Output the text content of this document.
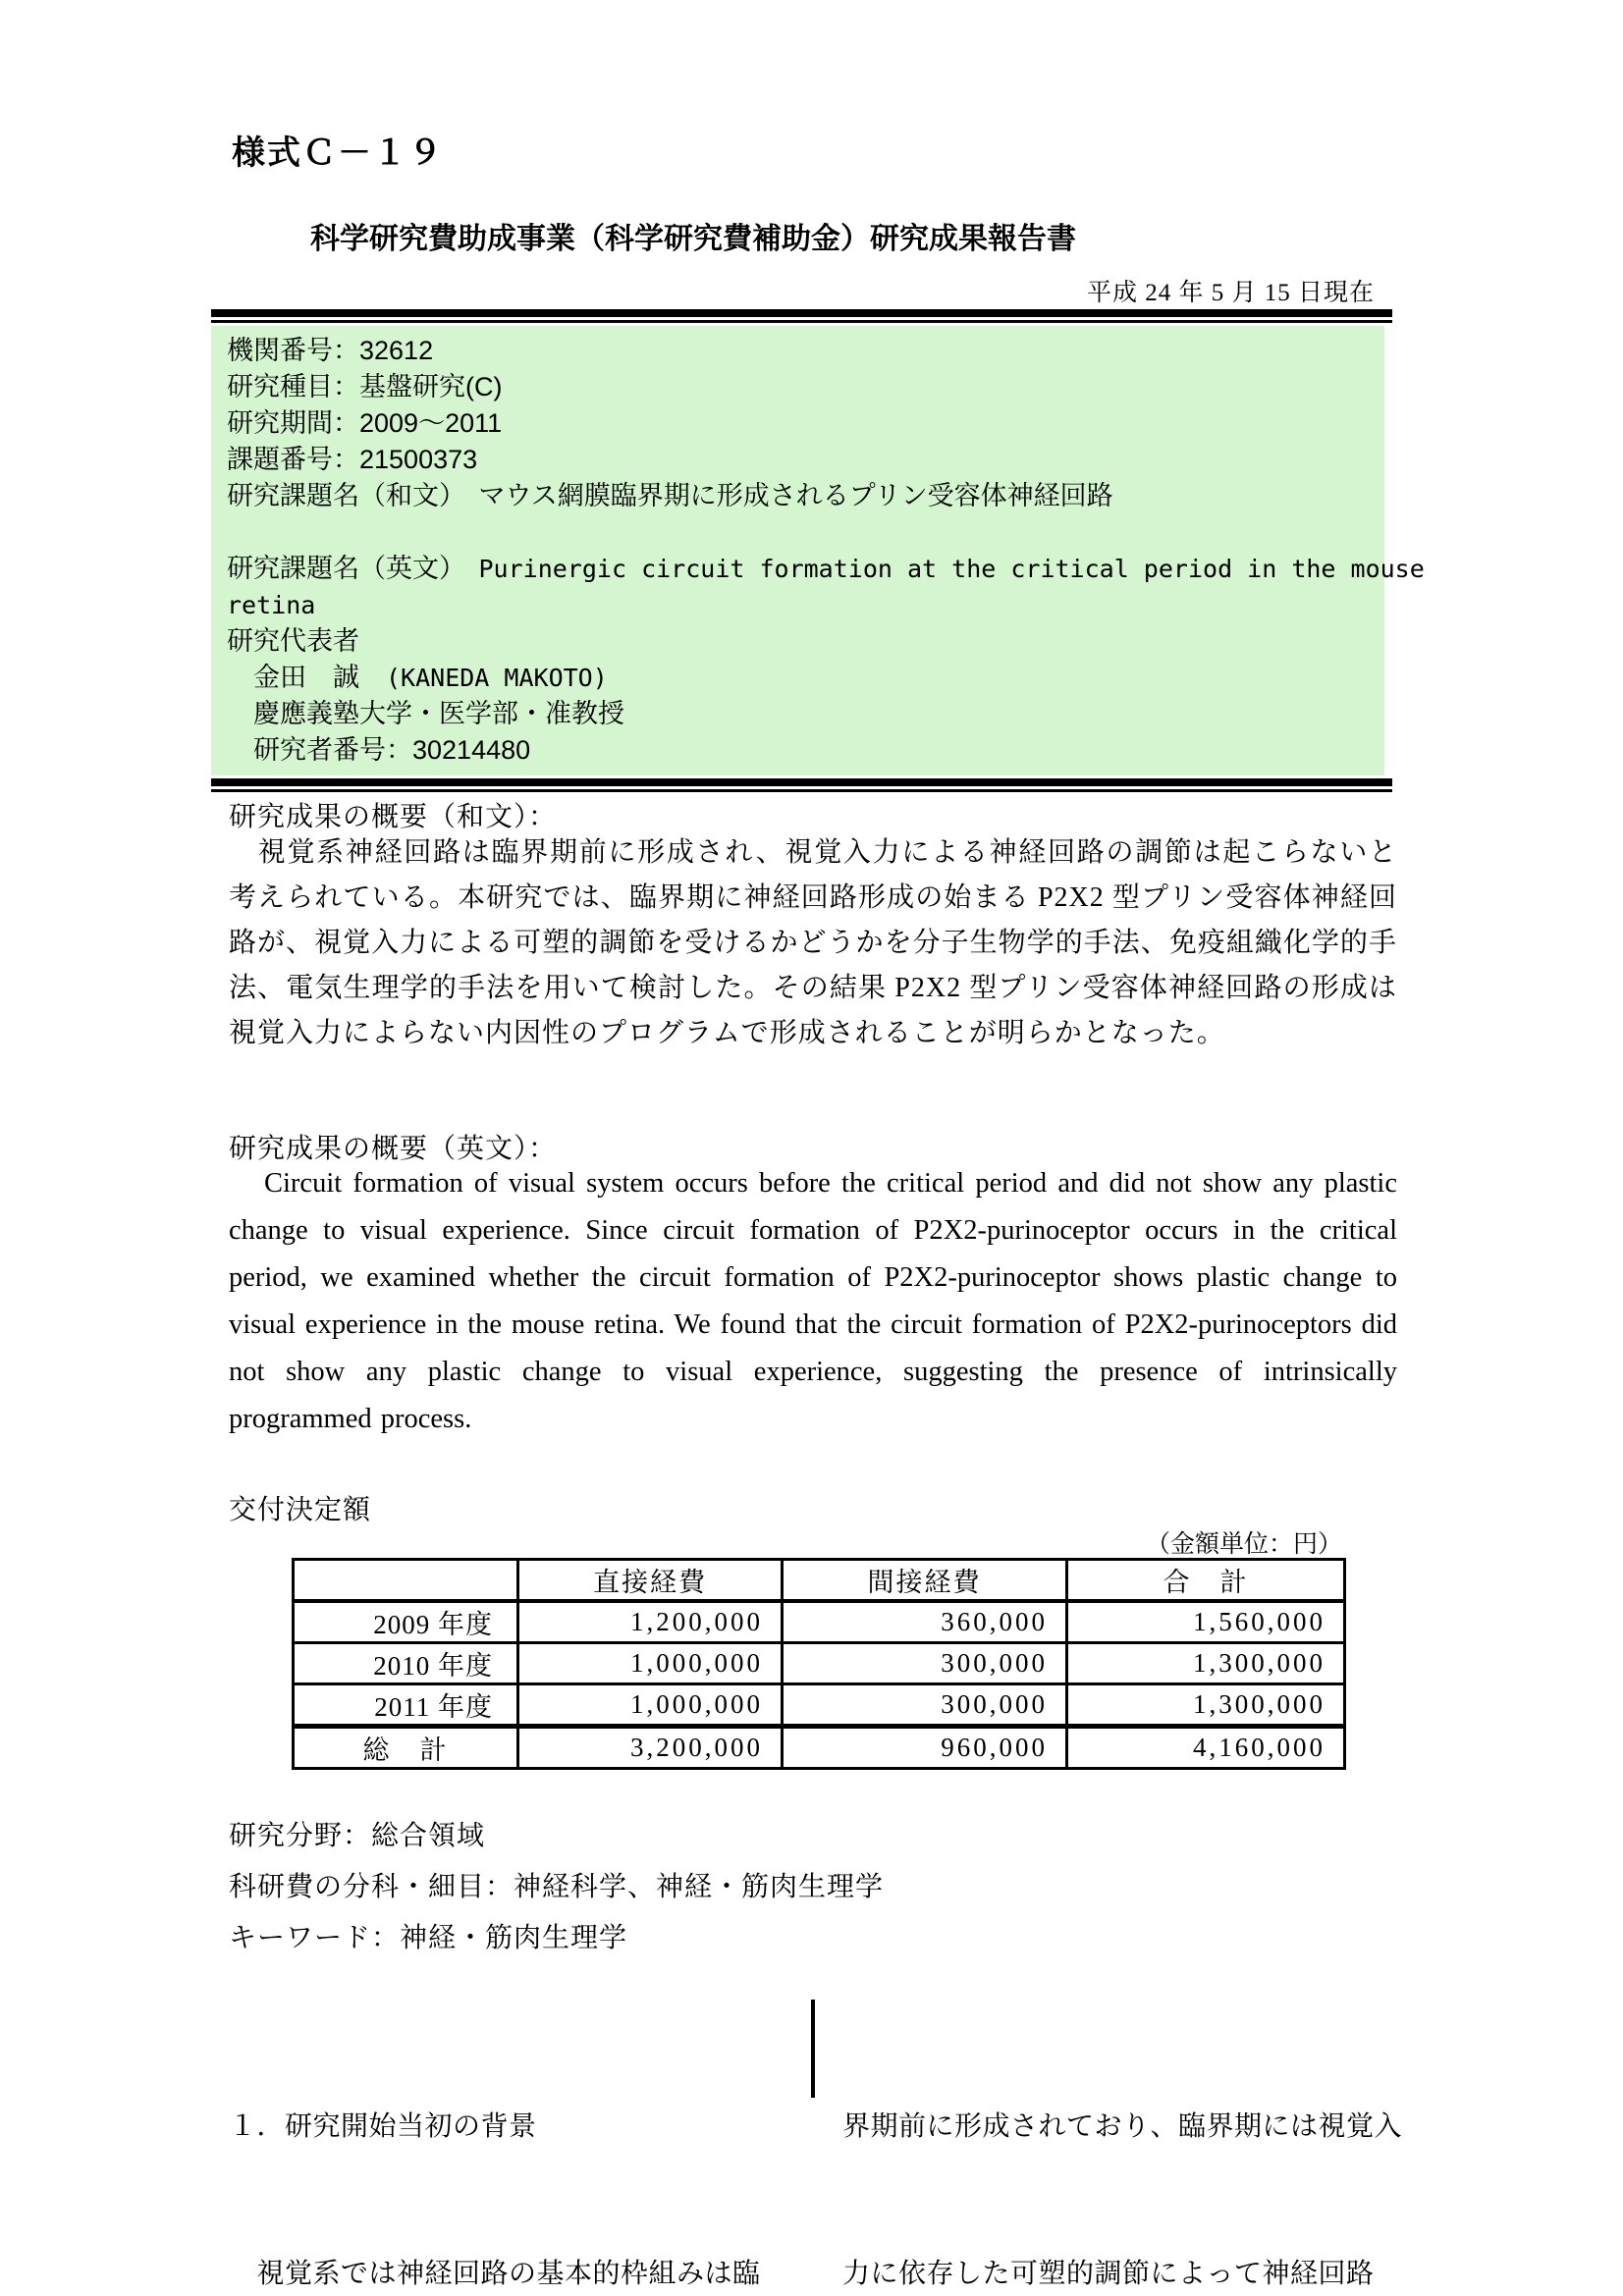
様式Ｃ－１９
科学研究費助成事業（科学研究費補助金）研究成果報告書
平成 24 年 5 月 15 日現在
機関番号：32612
研究種目：基盤研究(C)
研究期間：2009～2011
課題番号：21500373
研究課題名（和文）　マウス網膜臨界期に形成されるプリン受容体神経回路
研究課題名（英文）　Purinergic circuit formation at the critical period in the mouse
retina
研究代表者
　金田　誠　(KANEDA MAKOTO)
　慶應義塾大学・医学部・准教授
　研究者番号：30214480
研究成果の概要（和文）：
　視覚系神経回路は臨界期前に形成され、視覚入力による神経回路の調節は起こらないと考えられている。本研究では、臨界期に神経回路形成の始まる P2X2 型プリン受容体神経回路が、視覚入力による可塑的調節を受けるかどうかを分子生物学的手法、免疫組織化学的手法、電気生理学的手法を用いて検討した。その結果 P2X2 型プリン受容体神経回路の形成は視覚入力によらない内因性のプログラムで形成されることが明らかとなった。
研究成果の概要（英文）：
Circuit formation of visual system occurs before the critical period and did not show any plastic change to visual experience. Since circuit formation of P2X2-purinoceptor occurs in the critical period, we examined whether the circuit formation of P2X2-purinoceptor shows plastic change to visual experience in the mouse retina. We found that the circuit formation of P2X2-purinoceptors did not show any plastic change to visual experience, suggesting the presence of intrinsically programmed process.
交付決定額
（金額単位：円）
	直接経費	間接経費	合　計
2009 年度	1,200,000	360,000	1,560,000
2010 年度	1,000,000	300,000	1,300,000
2011 年度	1,000,000	300,000	1,300,000
総　計	3,200,000	960,000	4,160,000
研究分野：総合領域
科研費の分科・細目：神経科学、神経・筋肉生理学
キーワード：神経・筋肉生理学

１．研究開始当初の背景

　視覚系では神経回路の基本的枠組みは臨

界期前に形成されており、臨界期には視覚入

力に依存した可塑的調節によって神経回路
